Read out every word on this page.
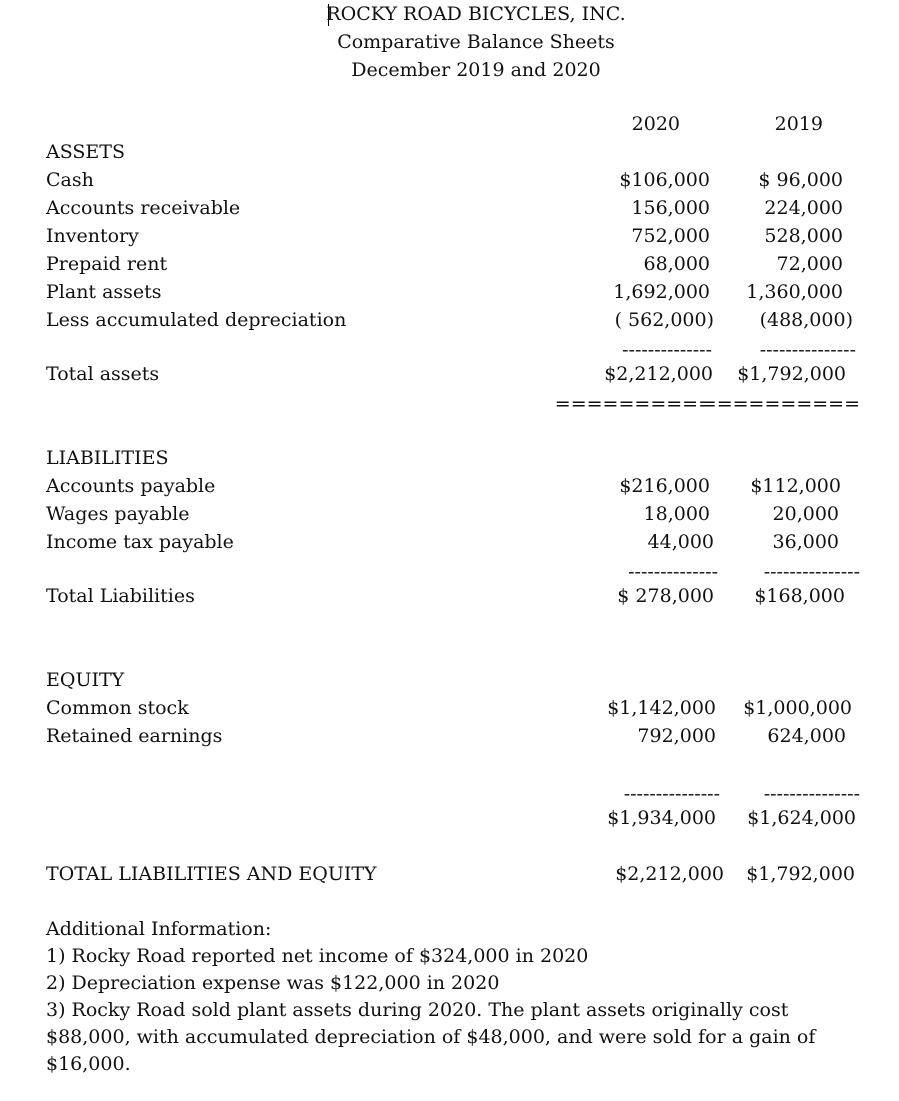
ROCKY ROAD BICYCLES, INC.
Comparative Balance Sheets
December 2019 and 2020
2020	2019
ASSETS
Cash	$106,000	$ 96,000
Accounts receivable	156,000	224,000
Inventory	752,000	528,000
Prepaid rent	68,000	72,000
Plant assets	1,692,000	1,360,000
Less accumulated depreciation	( 562,000)	(488,000)
--------------	---------------
Total assets	$2,212,000	$1,792,000
==========
==========
LIABILITIES
Accounts payable	$216,000	$112,000
Wages payable	18,000	20,000
Income tax payable	44,000	36,000
--------------	---------------
Total Liabilities	$ 278,000	$168,000
EQUITY
Common stock	$1,142,000	$1,000,000
Retained earnings	792,000	624,000
---------------	---------------
$1,934,000	$1,624,000
TOTAL LIABILITIES AND EQUITY	$2,212,000	$1,792,000
Additional Information:
1) Rocky Road reported net income of $324,000 in 2020
2) Depreciation expense was $122,000 in 2020
3) Rocky Road sold plant assets during 2020. The plant assets originally cost $88,000, with accumulated depreciation of $48,000, and were sold for a gain of $16,000.
